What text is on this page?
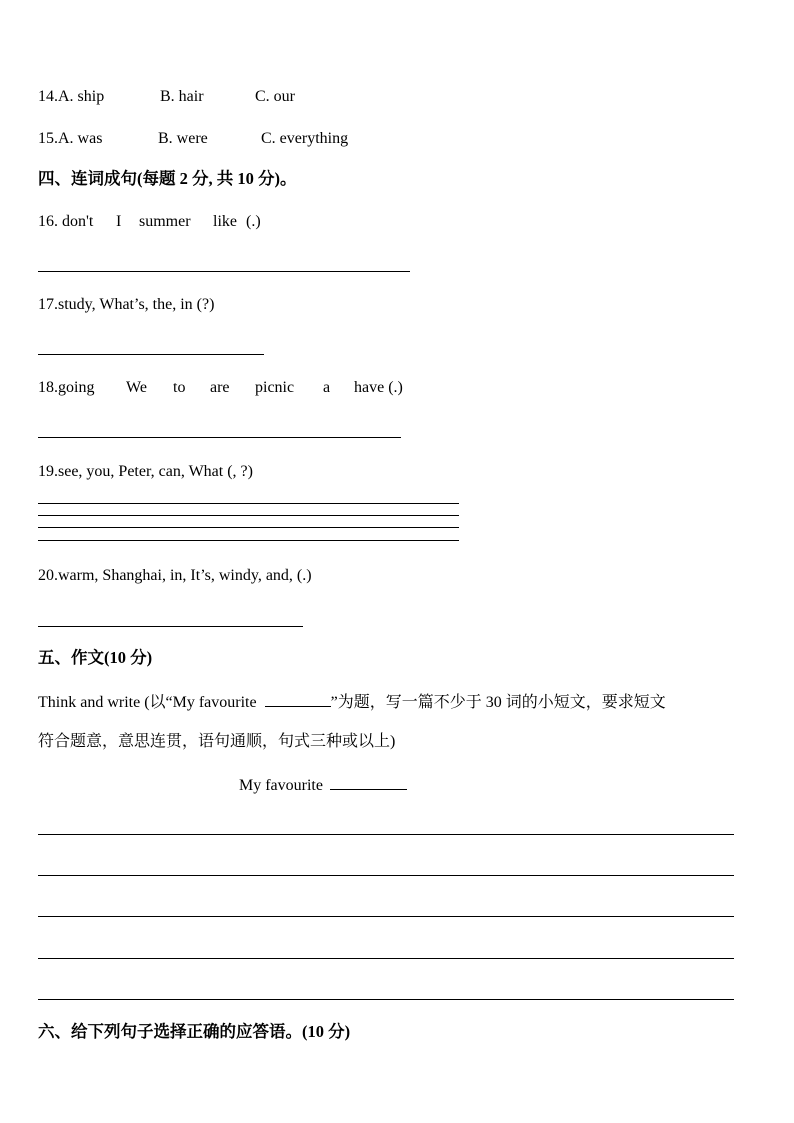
14.A. ship	B. hair	C. our
15.A. was	B. were	C. everything
四、连词成句(每题 2 分, 共 10 分)。
16. don't I summer like (.)
17.study, What’s, the, in (?)
18.going We to are picnic a have (.)
19.see, you, Peter, can, What (, ?)
20.warm, Shanghai, in, It’s, windy, and, (.)
五、作文(10 分)
Think and write (以“My favourite	”为题，写一篇不少于 30 词的小短文，要求短文
符合题意，意思连贯，语句通顺，句式三种或以上)
My favourite
六、给下列句子选择正确的应答语。(10 分)
